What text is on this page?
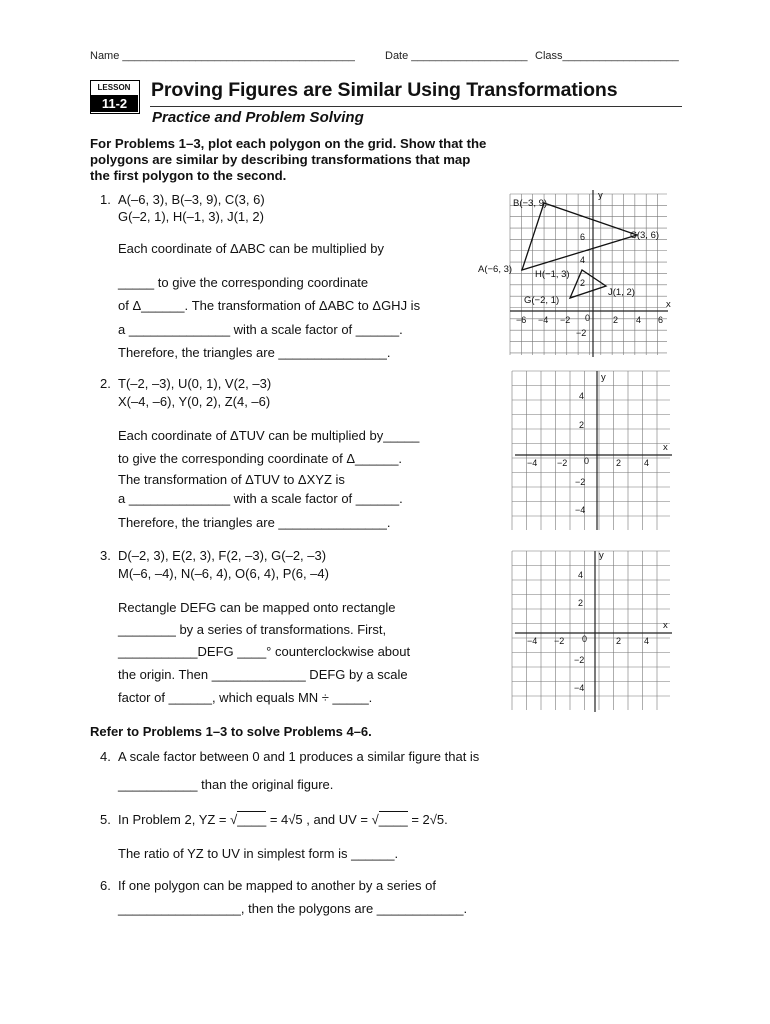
Name ______________________________________	Date ___________________ Class___________________
LESSON
11-2
Proving Figures are Similar Using Transformations
Practice and Problem Solving
For Problems 1–3, plot each polygon on the grid. Show that the
polygons are similar by describing transformations that map
the first polygon to the second.
1. A(–6, 3), B(–3, 9), C(3, 6)
G(–2, 1), H(–1, 3), J(1, 2)
Each coordinate of ΔABC can be multiplied by
_____ to give the corresponding coordinate
of Δ______. The transformation of ΔABC to ΔGHJ is
a ______________ with a scale factor of ______.
Therefore, the triangles are _______________.
x
y
B(−3, 9)
C(3, 6)
A(−6, 3) H(−1, 3)
G(−2, 1)
J(1, 2)
−6 −4 −2 0	2 4 6
6
4
2
−2
2. T(–2, –3), U(0, 1), V(2, –3)
X(–4, –6), Y(0, 2), Z(4, –6)
Each coordinate of ΔTUV can be multiplied by_____
to give the corresponding coordinate of Δ______.
The transformation of ΔTUV to ΔXYZ is
a ______________ with a scale factor of ______.
Therefore, the triangles are _______________.
x
y
−4 −2 0	2	4
4
2
−2
−4
3. D(–2, 3), E(2, 3), F(2, –3), G(–2, –3)
M(–6, –4), N(–6, 4), O(6, 4), P(6, –4)
Rectangle DEFG can be mapped onto rectangle
________ by a series of transformations. First,
___________DEFG ____° counterclockwise about
the origin. Then _____________ DEFG by a scale
factor of ______, which equals MN ÷ _____.
x
y
−4 −2 0	2	4
4
2
−2
−4
Refer to Problems 1–3 to solve Problems 4–6.
4. A scale factor between 0 and 1 produces a similar figure that is
___________ than the original figure.
5. In Problem 2, YZ = √____ = 4√5 , and UV = √____ = 2√5.
The ratio of YZ to UV in simplest form is ______.
6. If one polygon can be mapped to another by a series of
_________________, then the polygons are ____________.
